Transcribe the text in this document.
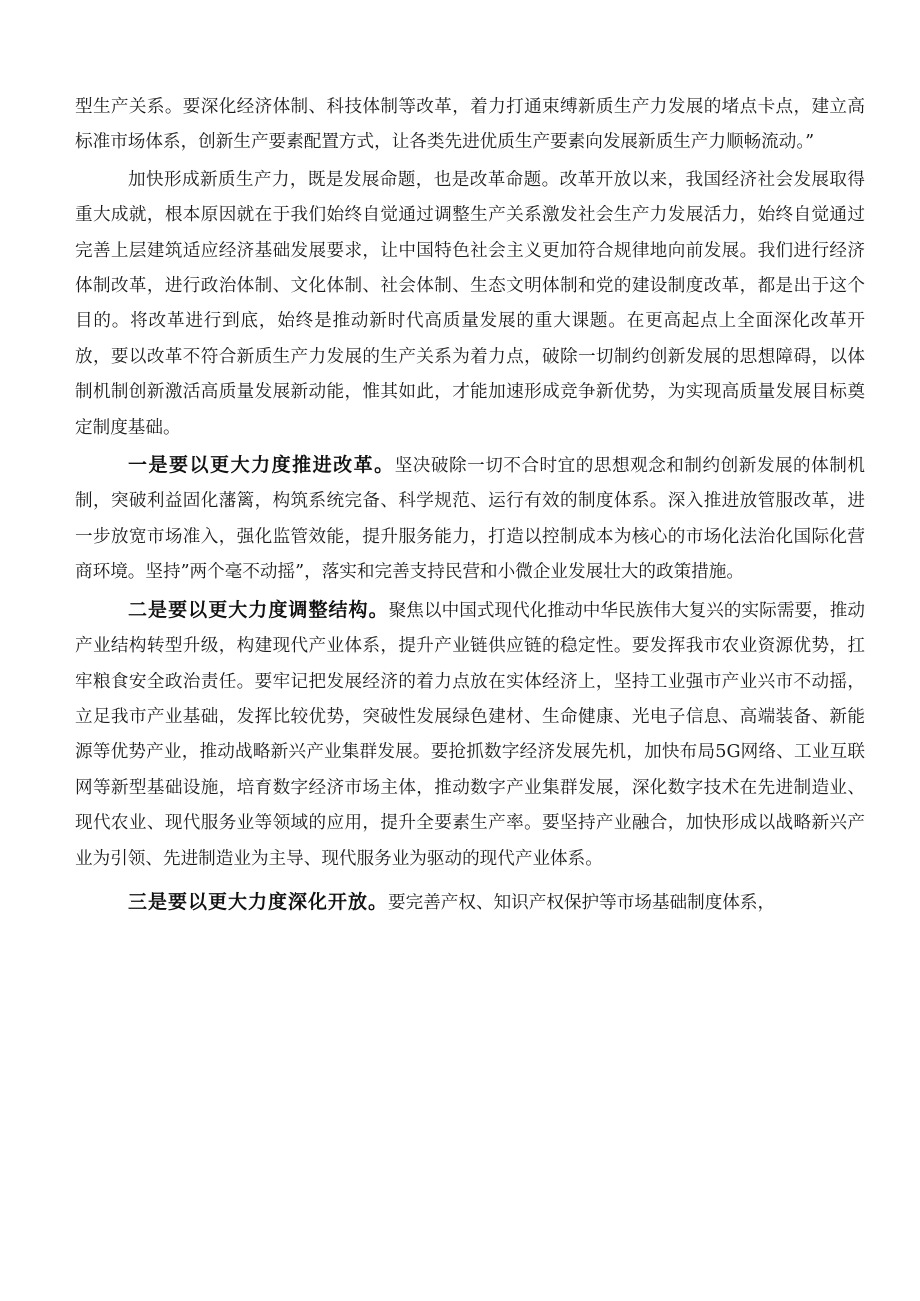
型生产关系。要深化经济体制、科技体制等改革，着力打通束缚新质生产力发展的堵点卡点，建立高标准市场体系，创新生产要素配置方式，让各类先进优质生产要素向发展新质生产力顺畅流动。”

加快形成新质生产力，既是发展命题，也是改革命题。改革开放以来，我国经济社会发展取得重大成就，根本原因就在于我们始终自觉通过调整生产关系激发社会生产力发展活力，始终自觉通过完善上层建筑适应经济基础发展要求，让中国特色社会主义更加符合规律地向前发展。我们进行经济体制改革，进行政治体制、文化体制、社会体制、生态文明体制和党的建设制度改革，都是出于这个目的。将改革进行到底，始终是推动新时代高质量发展的重大课题。在更高起点上全面深化改革开放，要以改革不符合新质生产力发展的生产关系为着力点，破除一切制约创新发展的思想障碍，以体制机制创新激活高质量发展新动能，惟其如此，才能加速形成竞争新优势，为实现高质量发展目标奠定制度基础。

一是要以更大力度推进改革。坚决破除一切不合时宜的思想观念和制约创新发展的体制机制，突破利益固化藩篱，构筑系统完备、科学规范、运行有效的制度体系。深入推进放管服改革，进一步放宽市场准入，强化监管效能，提升服务能力，打造以控制成本为核心的市场化法治化国际化营商环境。坚持”两个毫不动摇”，落实和完善支持民营和小微企业发展壮大的政策措施。

二是要以更大力度调整结构。聚焦以中国式现代化推动中华民族伟大复兴的实际需要，推动产业结构转型升级，构建现代产业体系，提升产业链供应链的稳定性。要发挥我市农业资源优势，扛牢粮食安全政治责任。要牢记把发展经济的着力点放在实体经济上，坚持工业强市产业兴市不动摇，立足我市产业基础，发挥比较优势，突破性发展绿色建材、生命健康、光电子信息、高端装备、新能源等优势产业，推动战略新兴产业集群发展。要抢抓数字经济发展先机，加快布局5G网络、工业互联网等新型基础设施，培育数字经济市场主体，推动数字产业集群发展，深化数字技术在先进制造业、现代农业、现代服务业等领域的应用，提升全要素生产率。要坚持产业融合，加快形成以战略新兴产业为引领、先进制造业为主导、现代服务业为驱动的现代产业体系。

三是要以更大力度深化开放。要完善产权、知识产权保护等市场基础制度体系，
